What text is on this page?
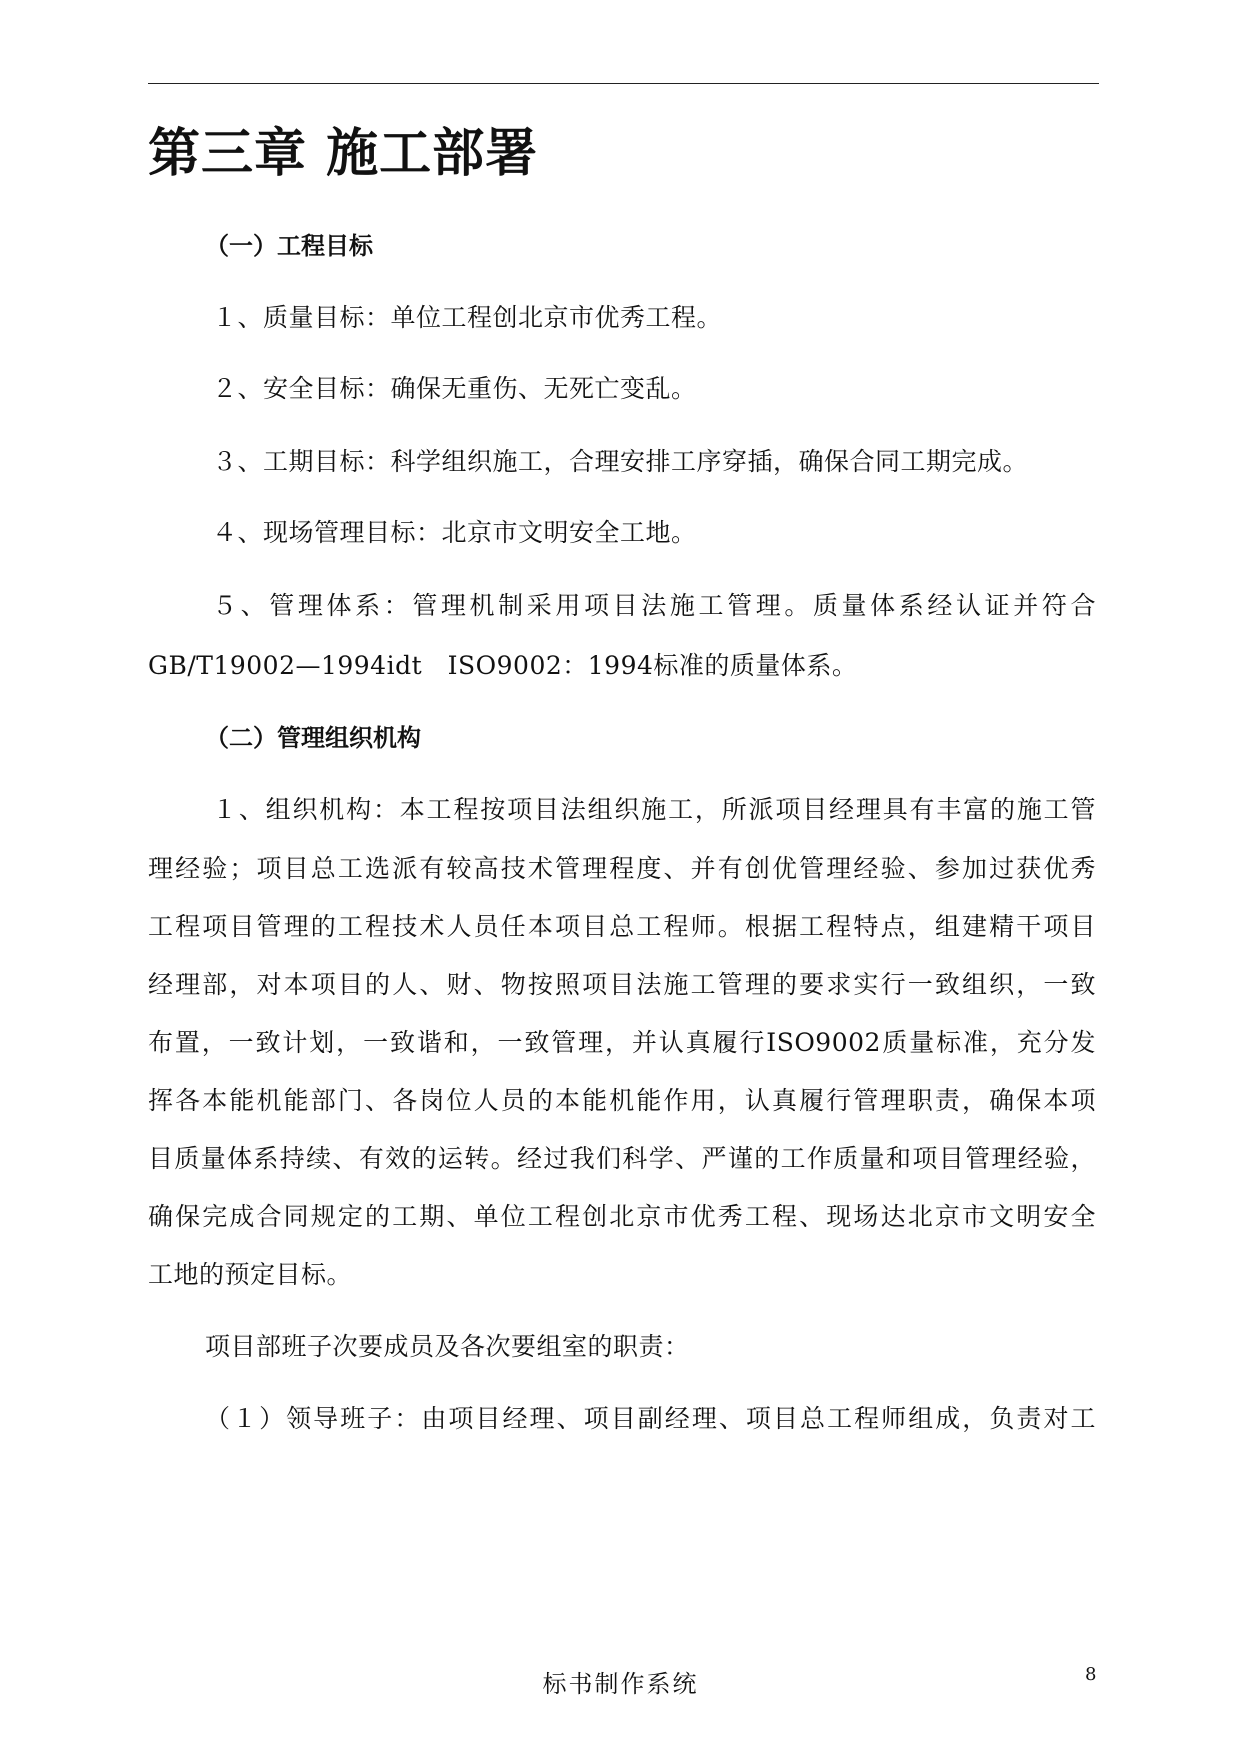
第三章 施工部署
（一）工程目标

１、质量目标：单位工程创北京市优秀工程。

２、安全目标：确保无重伤、无死亡变乱。

３、工期目标：科学组织施工，合理安排工序穿插，确保合同工期完成。

４、现场管理目标：北京市文明安全工地。

５、管理体系：管理机制采用项目法施工管理。质量体系经认证并符合

GB/T19002—1994idt　ISO9002：1994标准的质量体系。

（二）管理组织机构

１、组织机构：本工程按项目法组织施工，所派项目经理具有丰富的施工管

理经验；项目总工选派有较高技术管理程度、并有创优管理经验、参加过获优秀

工程项目管理的工程技术人员任本项目总工程师。根据工程特点，组建精干项目

经理部，对本项目的人、财、物按照项目法施工管理的要求实行一致组织，一致

布置，一致计划，一致谐和，一致管理，并认真履行ISO9002质量标准，充分发

挥各本能机能部门、各岗位人员的本能机能作用，认真履行管理职责，确保本项

目质量体系持续、有效的运转。经过我们科学、严谨的工作质量和项目管理经验，

确保完成合同规定的工期、单位工程创北京市优秀工程、现场达北京市文明安全

工地的预定目标。

项目部班子次要成员及各次要组室的职责：

（１）领导班子：由项目经理、项目副经理、项目总工程师组成，负责对工

标书制作系统	8
